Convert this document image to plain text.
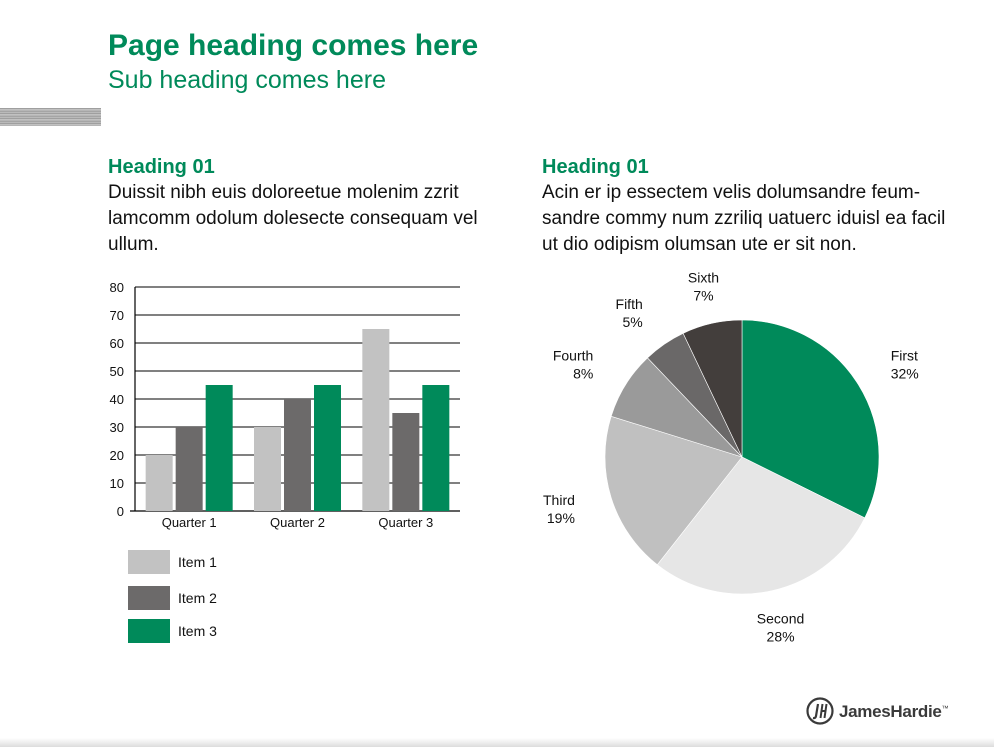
Page heading comes here
Sub heading comes here
Heading 01

Duissit nibh euis doloreetue molenim zzrit lamcomm odolum dolesecte consequam vel ullum.

Heading 01

Acin er ip essectem velis dolumsandre feum-sandre commy num zzriliq uatuerc iduisl ea facil ut dio odipism olumsan ute er sit non.

0
10
20
30
40
50
60
70
80
Quarter 1	Quarter 2	Quarter 3
Item 1
Item 2
Item 3
First
32%
Second
28%
Third
19%
Fourth
8%
Fifth
5%
Sixth
7%
JamesHardie™
